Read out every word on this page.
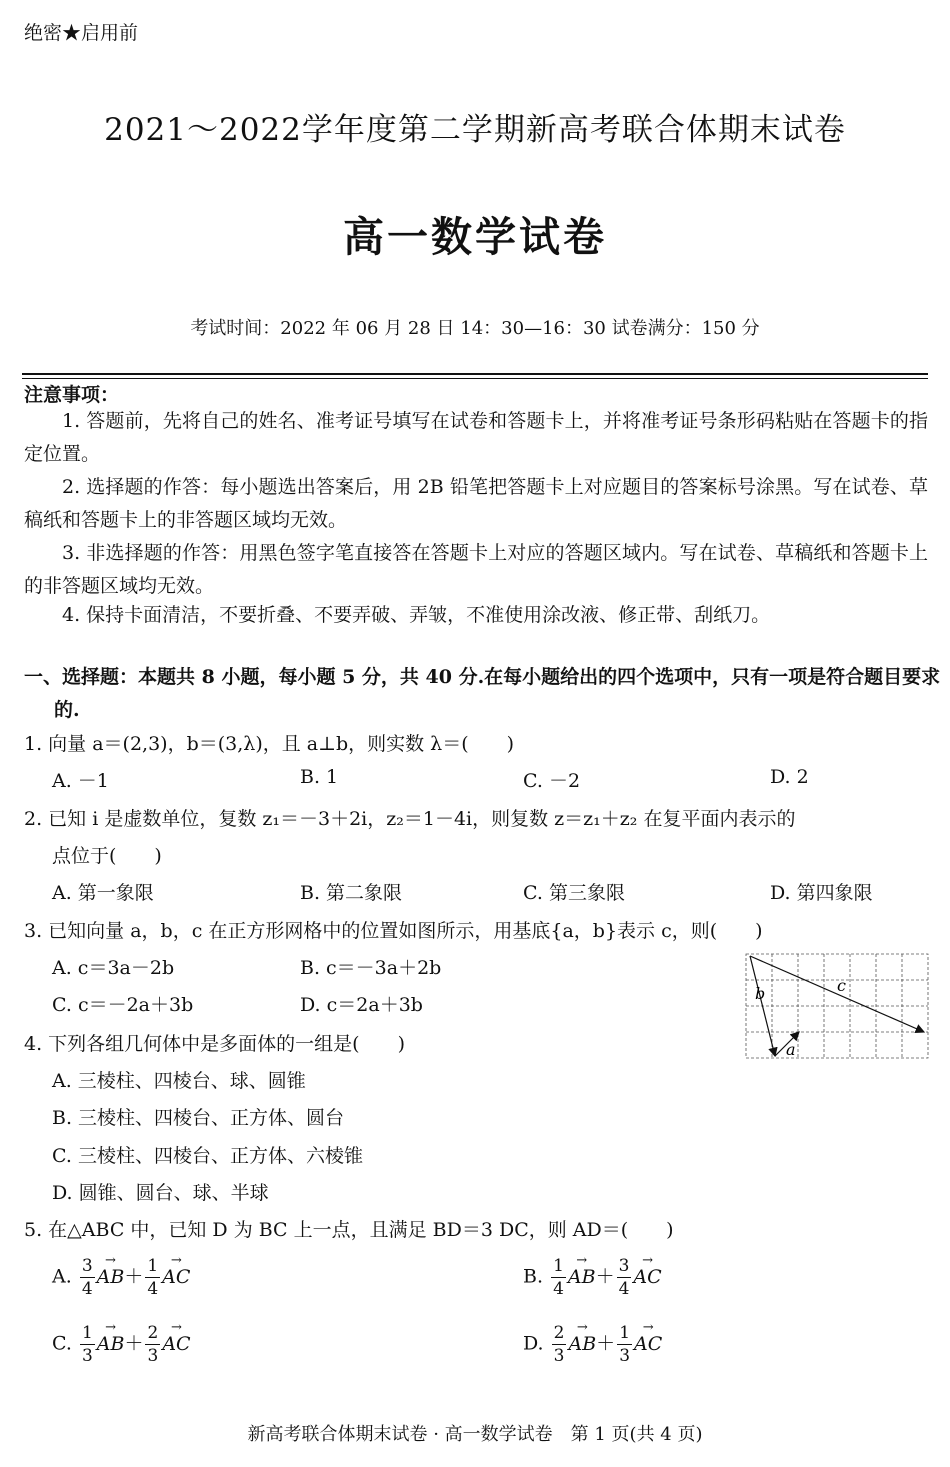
绝密★启用前
2021～2022学年度第二学期新高考联合体期末试卷
高一数学试卷
考试时间：2022 年 06 月 28 日 14：30—16：30 试卷满分：150 分
注意事项：
1. 答题前，先将自己的姓名、准考证号填写在试卷和答题卡上，并将准考证号条形码粘贴在答题卡的指定位置。
2. 选择题的作答：每小题选出答案后，用 2B 铅笔把答题卡上对应题目的答案标号涂黑。写在试卷、草稿纸和答题卡上的非答题区域均无效。
3. 非选择题的作答：用黑色签字笔直接答在答题卡上对应的答题区域内。写在试卷、草稿纸和答题卡上的非答题区域均无效。
4. 保持卡面清洁，不要折叠、不要弄破、弄皱，不准使用涂改液、修正带、刮纸刀。
一、选择题：本题共 8 小题，每小题 5 分，共 40 分.在每小题给出的四个选项中，只有一项是符合题目要求的.
1. 向量 a＝(2,3)，b＝(3,λ)，且 a⊥b，则实数 λ＝(　　)
A. －1	B. 1	C. －2	D. 2
2. 已知 i 是虚数单位，复数 z₁＝－3＋2i，z₂＝1－4i，则复数 z＝z₁＋z₂ 在复平面内表示的
点位于(　　)
A. 第一象限	B. 第二象限	C. 第三象限	D. 第四象限
3. 已知向量 a，b，c 在正方形网格中的位置如图所示，用基底{a，b}表示 c，则(　　)
A. c＝3a－2b	B. c＝－3a＋2b
C. c＝－2a＋3b	D. c＝2a＋3b
b	c
a
4. 下列各组几何体中是多面体的一组是(　　)
A. 三棱柱、四棱台、球、圆锥
B. 三棱柱、四棱台、正方体、圆台
C. 三棱柱、四棱台、正方体、六棱锥
D. 圆锥、圆台、球、半球
5. 在△ABC 中，已知 D 为 BC 上一点，且满足 BD＝3 DC，则 AD＝(　　)
A. $\frac{3}{4} \to AB+ \frac{1}{4}$ → AC	B. $\frac{1}{4} \to AB+ \frac{3}{4}$ → AC
C. $\frac{1}{3} \to AB+ \frac{2}{3}$ → AC	D. $\frac{2}{3} \to AB+ \frac{1}{3}$ → AC
新高考联合体期末试卷 · 高一数学试卷　第 1 页(共 4 页)
